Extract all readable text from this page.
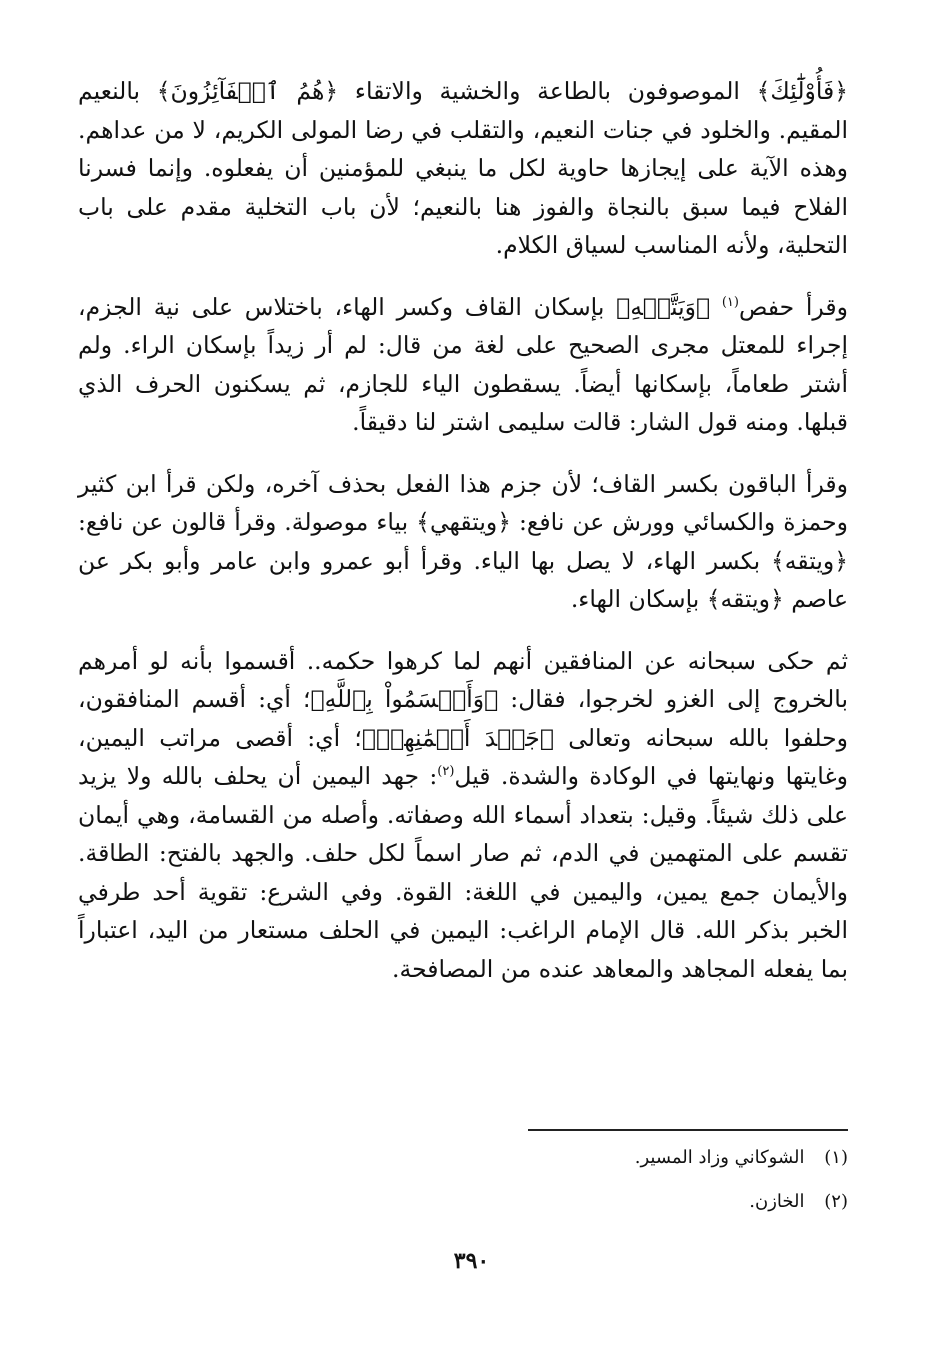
﴿فَأُوْلَٰٓئِكَ﴾ الموصوفون بالطاعة والخشية والاتقاء ﴿هُمُ ٱلۡفَآئِزُونَ﴾ بالنعيم المقيم. والخلود في جنات النعيم، والتقلب في رضا المولى الكريم، لا من عداهم. وهذه الآية على إيجازها حاوية لكل ما ينبغي للمؤمنين أن يفعلوه. وإنما فسرنا الفلاح فيما سبق بالنجاة والفوز هنا بالنعيم؛ لأن باب التخلية مقدم على باب التحلية، ولأنه المناسب لسياق الكلام.

وقرأ حفص$^{(١)}$ ﴿وَيَتَّقۡهِ﴾ بإسكان القاف وكسر الهاء، باختلاس على نية الجزم، إجراء للمعتل مجرى الصحيح على لغة من قال: لم أر زيداً بإسكان الراء. ولم أشتر طعاماً، بإسكانها أيضاً. يسقطون الياء للجازم، ثم يسكنون الحرف الذي قبلها. ومنه قول الشار: قالت سليمى اشتر لنا دقيقاً.

وقرأ الباقون بكسر القاف؛ لأن جزم هذا الفعل بحذف آخره، ولكن قرأ ابن كثير وحمزة والكسائي وورش عن نافع: ﴿ويتقهي﴾ بياء موصولة. وقرأ قالون عن نافع: ﴿ويتقه﴾ بكسر الهاء، لا يصل بها الياء. وقرأ أبو عمرو وابن عامر وأبو بكر عن عاصم ﴿ويتقه﴾ بإسكان الهاء.

ثم حكى سبحانه عن المنافقين أنهم لما كرهوا حكمه.. أقسموا بأنه لو أمرهم بالخروج إلى الغزو لخرجوا، فقال: ﴿وَأَقۡسَمُواْ بِٱللَّهِ﴾؛ أي: أقسم المنافقون، وحلفوا بالله سبحانه وتعالى ﴿جَهۡدَ أَيۡمَٰنِهِمۡ﴾؛ أي: أقصى مراتب اليمين، وغايتها ونهايتها في الوكادة والشدة. قيل$^{(٢)}$: جهد اليمين أن يحلف بالله ولا يزيد على ذلك شيئاً. وقيل: بتعداد أسماء الله وصفاته. وأصله من القسامة، وهي أيمان تقسم على المتهمين في الدم، ثم صار اسماً لكل حلف. والجهد بالفتح: الطاقة. والأيمان جمع يمين، واليمين في اللغة: القوة. وفي الشرع: تقوية أحد طرفي الخبر بذكر الله. قال الإمام الراغب: اليمين في الحلف مستعار من اليد، اعتباراً بما يفعله المجاهد والمعاهد عنده من المصافحة.

(١) الشوكاني وزاد المسير.
(٢) الخازن.
٣٩٠
